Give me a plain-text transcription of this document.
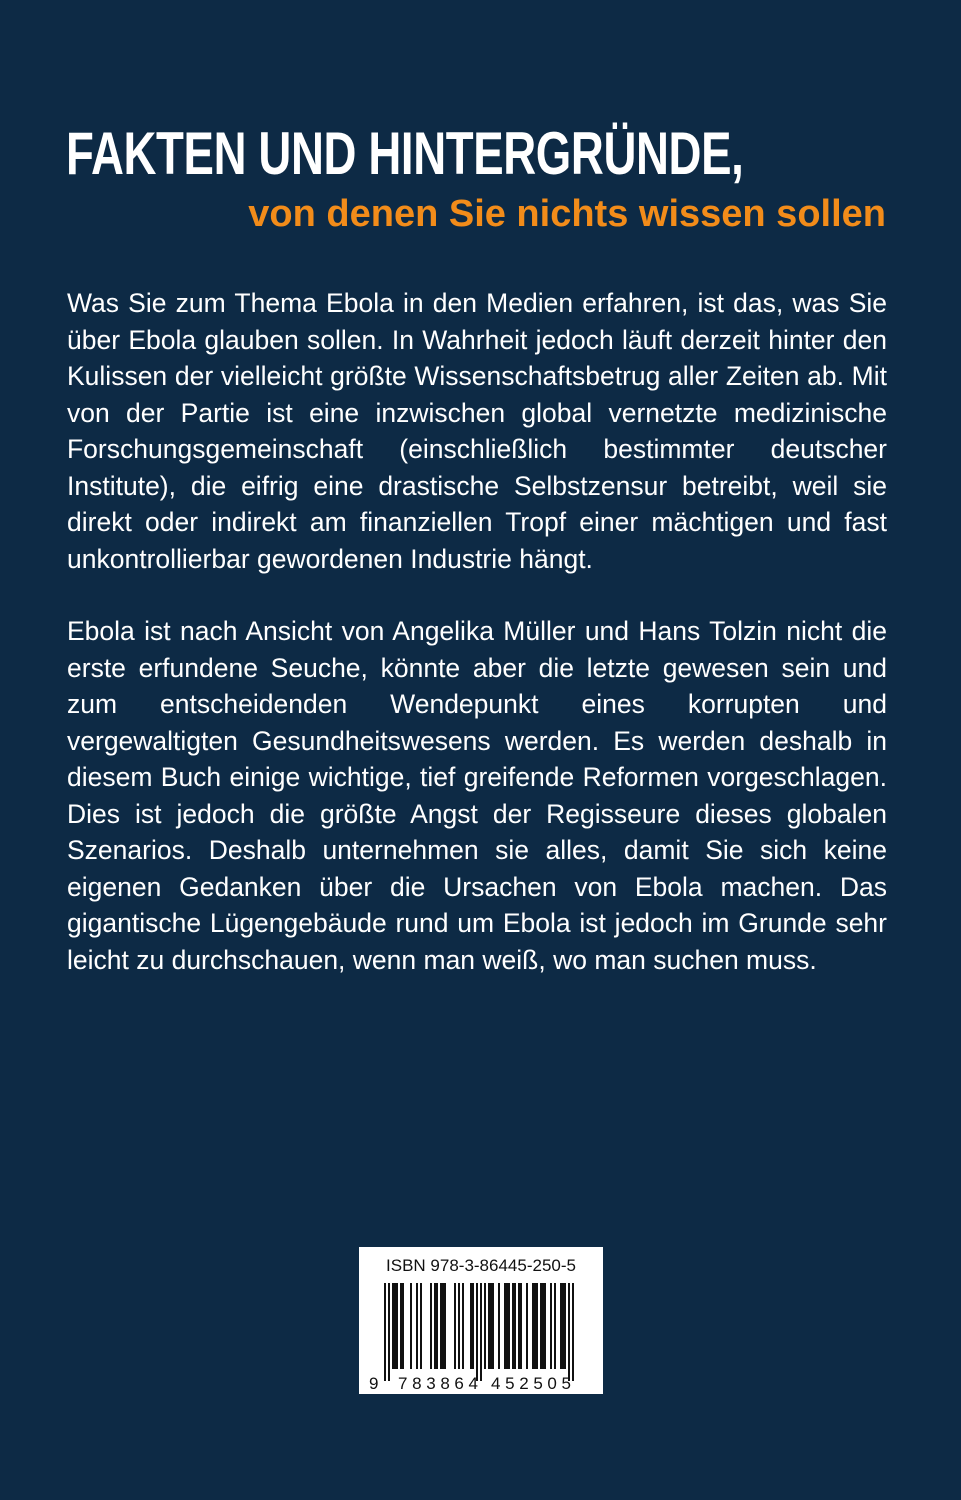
FAKTEN UND HINTERGRÜNDE,
von denen Sie nichts wissen sollen

Was Sie zum Thema Ebola in den Medien erfahren, ist das, was Sie über Ebola glauben sollen. In Wahrheit jedoch läuft derzeit hinter den Kulissen der vielleicht größte Wissenschaftsbetrug aller Zeiten ab. Mit von der Partie ist eine inzwischen global vernetzte medizinische Forschungsgemeinschaft (einschließlich bestimmter deutscher Institute), die eifrig eine drastische Selbstzensur betreibt, weil sie direkt oder indirekt am finanziellen Tropf einer mächtigen und fast unkontrollierbar gewordenen Industrie hängt.

Ebola ist nach Ansicht von Angelika Müller und Hans Tolzin nicht die erste erfundene Seuche, könnte aber die letzte gewesen sein und zum entscheidenden Wendepunkt eines korrupten und vergewaltigten Gesundheitswesens werden. Es werden deshalb in diesem Buch einige wichtige, tief greifende Reformen vorgeschlagen. Dies ist jedoch die größte Angst der Regisseure dieses globalen Szenarios. Deshalb unternehmen sie alles, damit Sie sich keine eigenen Gedanken über die Ursachen von Ebola machen. Das gigantische Lügengebäude rund um Ebola ist jedoch im Grunde sehr leicht zu durchschauen, wenn man weiß, wo man suchen muss.

ISBN 978-3-86445-250-5
9 783864 452505
